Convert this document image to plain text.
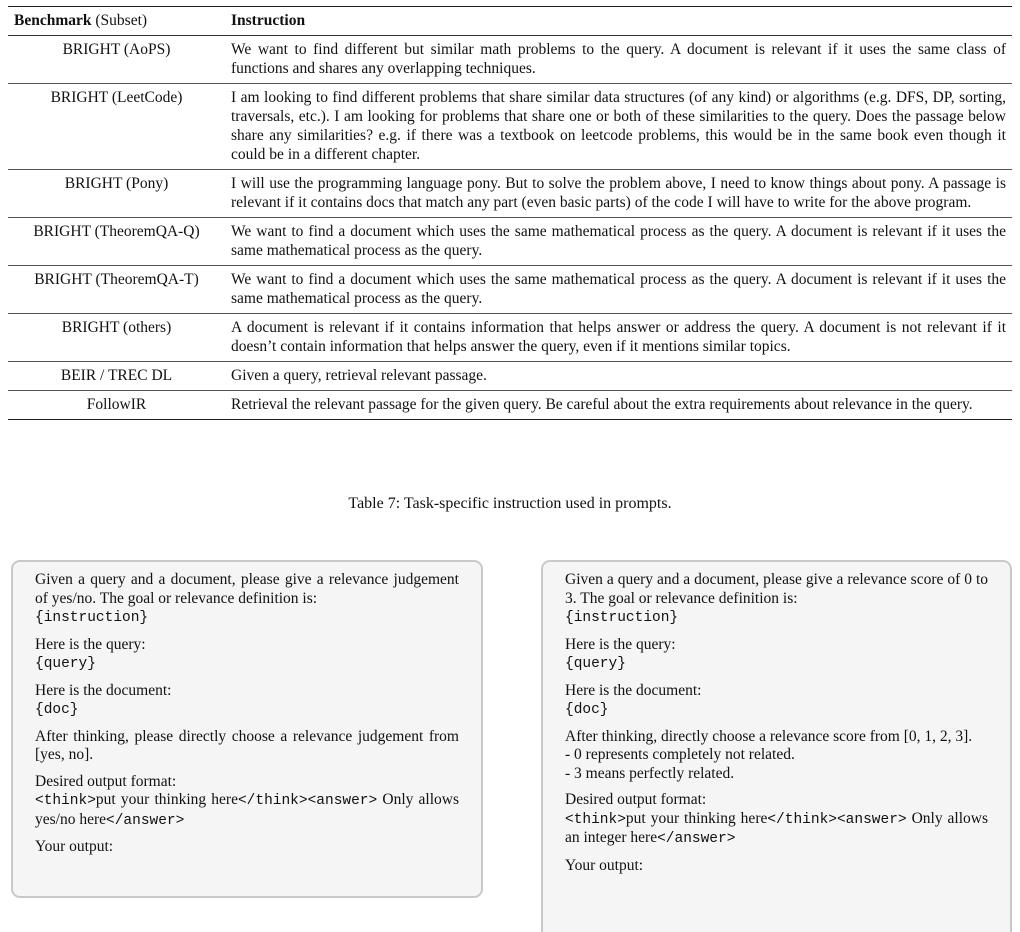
Benchmark (Subset)	Instruction
BRIGHT (AoPS)	We want to find different but similar math problems to the query. A document is relevant if it uses the same class of functions and shares any overlapping techniques.
BRIGHT (LeetCode)	I am looking to find different problems that share similar data structures (of any kind) or algorithms (e.g. DFS, DP, sorting, traversals, etc.). I am looking for problems that share one or both of these similarities to the query. Does the passage below share any similarities? e.g. if there was a textbook on leetcode problems, this would be in the same book even though it could be in a different chapter.
BRIGHT (Pony)	I will use the programming language pony. But to solve the problem above, I need to know things about pony. A passage is relevant if it contains docs that match any part (even basic parts) of the code I will have to write for the above program.
BRIGHT (TheoremQA-Q)	We want to find a document which uses the same mathematical process as the query. A document is relevant if it uses the same mathematical process as the query.
BRIGHT (TheoremQA-T)	We want to find a document which uses the same mathematical process as the query. A document is relevant if it uses the same mathematical process as the query.
BRIGHT (others)	A document is relevant if it contains information that helps answer or address the query. A document is not relevant if it doesn’t contain information that helps answer the query, even if it mentions similar topics.
BEIR / TREC DL	Given a query, retrieval relevant passage.
FollowIR	Retrieval the relevant passage for the given query. Be careful about the extra requirements about relevance in the query.
Table 7: Task-specific instruction used in prompts.

Given a query and a document, please give a relevance judgement of yes/no. The goal or relevance definition is:

{instruction}

Here is the query:

{query}

Here is the document:

{doc}

After thinking, please directly choose a relevance judgement from [yes, no].

Desired output format:

<think>put your thinking here</think><answer> Only allows yes/no here</answer>

Your output:

Given a query and a document, please give a relevance score of 0 to 3. The goal or relevance definition is:

{instruction}

Here is the query:

{query}

Here is the document:

{doc}

After thinking, directly choose a relevance score from [0, 1, 2, 3].

- 0 represents completely not related.

- 3 means perfectly related.

Desired output format:

<think>put your thinking here</think><answer> Only allows an integer here</answer>

Your output:
